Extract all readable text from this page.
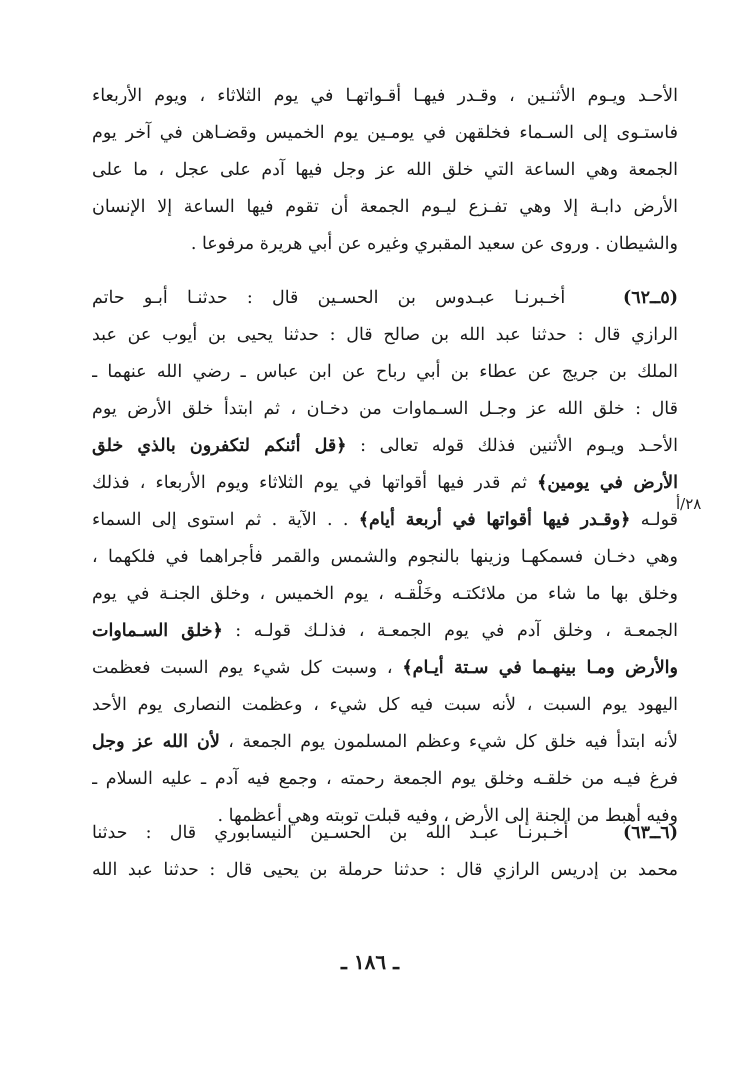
الأحـد ويـوم الأثنـين ، وقـدر فيهـا أقـواتهـا في يوم الثلاثاء ، ويوم الأربعاء
فاستـوى إلى السـماء فخلقهن في يومـين يوم الخميس وقضـاهن في آخر يوم
الجمعة وهي الساعة التي خلق الله عز وجل فيها آدم على عجل ، ما على
الأرض دابـة إلا وهي تفـزع ليـوم الجمعة أن تقوم فيها الساعة إلا الإنسان
والشيطان . وروى عن سعيد المقبري وغيره عن أبي هريرة مرفوعا .
(٥ــ٦٢)   أخـبرنـا عبـدوس بن الحسـين قال : حدثنـا أبـو حاتم
الرازي قال : حدثنا عبد الله بن صالح قال : حدثنا يحيى بن أيوب عن عبد
الملك بن جريج عن عطاء بن أبي رباح عن ابن عباس ـ رضي الله عنهما ـ
قال : خلق الله عز وجـل السـماوات من دخـان ، ثم ابتدأ خلق الأرض يوم
الأحـد ويـوم الأثنين فذلك قوله تعالى : ﴿قل أئنكم لتكفرون بالذي خلق
الأرض في يومين﴾ ثم قدر فيها أقواتها في يوم الثلاثاء ويوم الأربعاء ، فذلك
قولـه ﴿وقـدر فيها أقواتها في أربعة أيام﴾ . . الآية . ثم استوى إلى السماء
وهي دخـان فسمكهـا وزينها بالنجوم والشمس والقمر فأجراهما في فلكهما ،
وخلق بها ما شاء من ملائكتـه وخَلْقـه ، يوم الخميس ، وخلق الجنـة في يوم
الجمعـة ، وخلق آدم في يوم الجمعـة ، فذلـك قولـه : ﴿خلق السـماوات
والأرض ومـا بينهـما في سـتة أيـام﴾ ، وسبت كل شيء يوم السبت فعظمت
اليهود يوم السبت ، لأنه سبت فيه كل شيء ، وعظمت النصارى يوم الأحد
لأنه ابتدأ فيه خلق كل شيء وعظم المسلمون يوم الجمعة ، لأن الله عز وجل
فرغ فيـه من خلقـه وخلق يوم الجمعة رحمته ، وجمع فيه آدم ـ عليه السلام ـ
وفيه أهبط من الجنة إلى الأرض ، وفيه قبلت توبته وهي أعظمها .
٢٨/أ
(٦ــ٦٣)   أخـبرنـا عبـد الله بن الحسـين النيسابوري قال : حدثنا
محمد بن إدريس الرازي قال : حدثنا حرملة بن يحيى قال : حدثنا عبد الله
ـ ١٨٦ ـ
